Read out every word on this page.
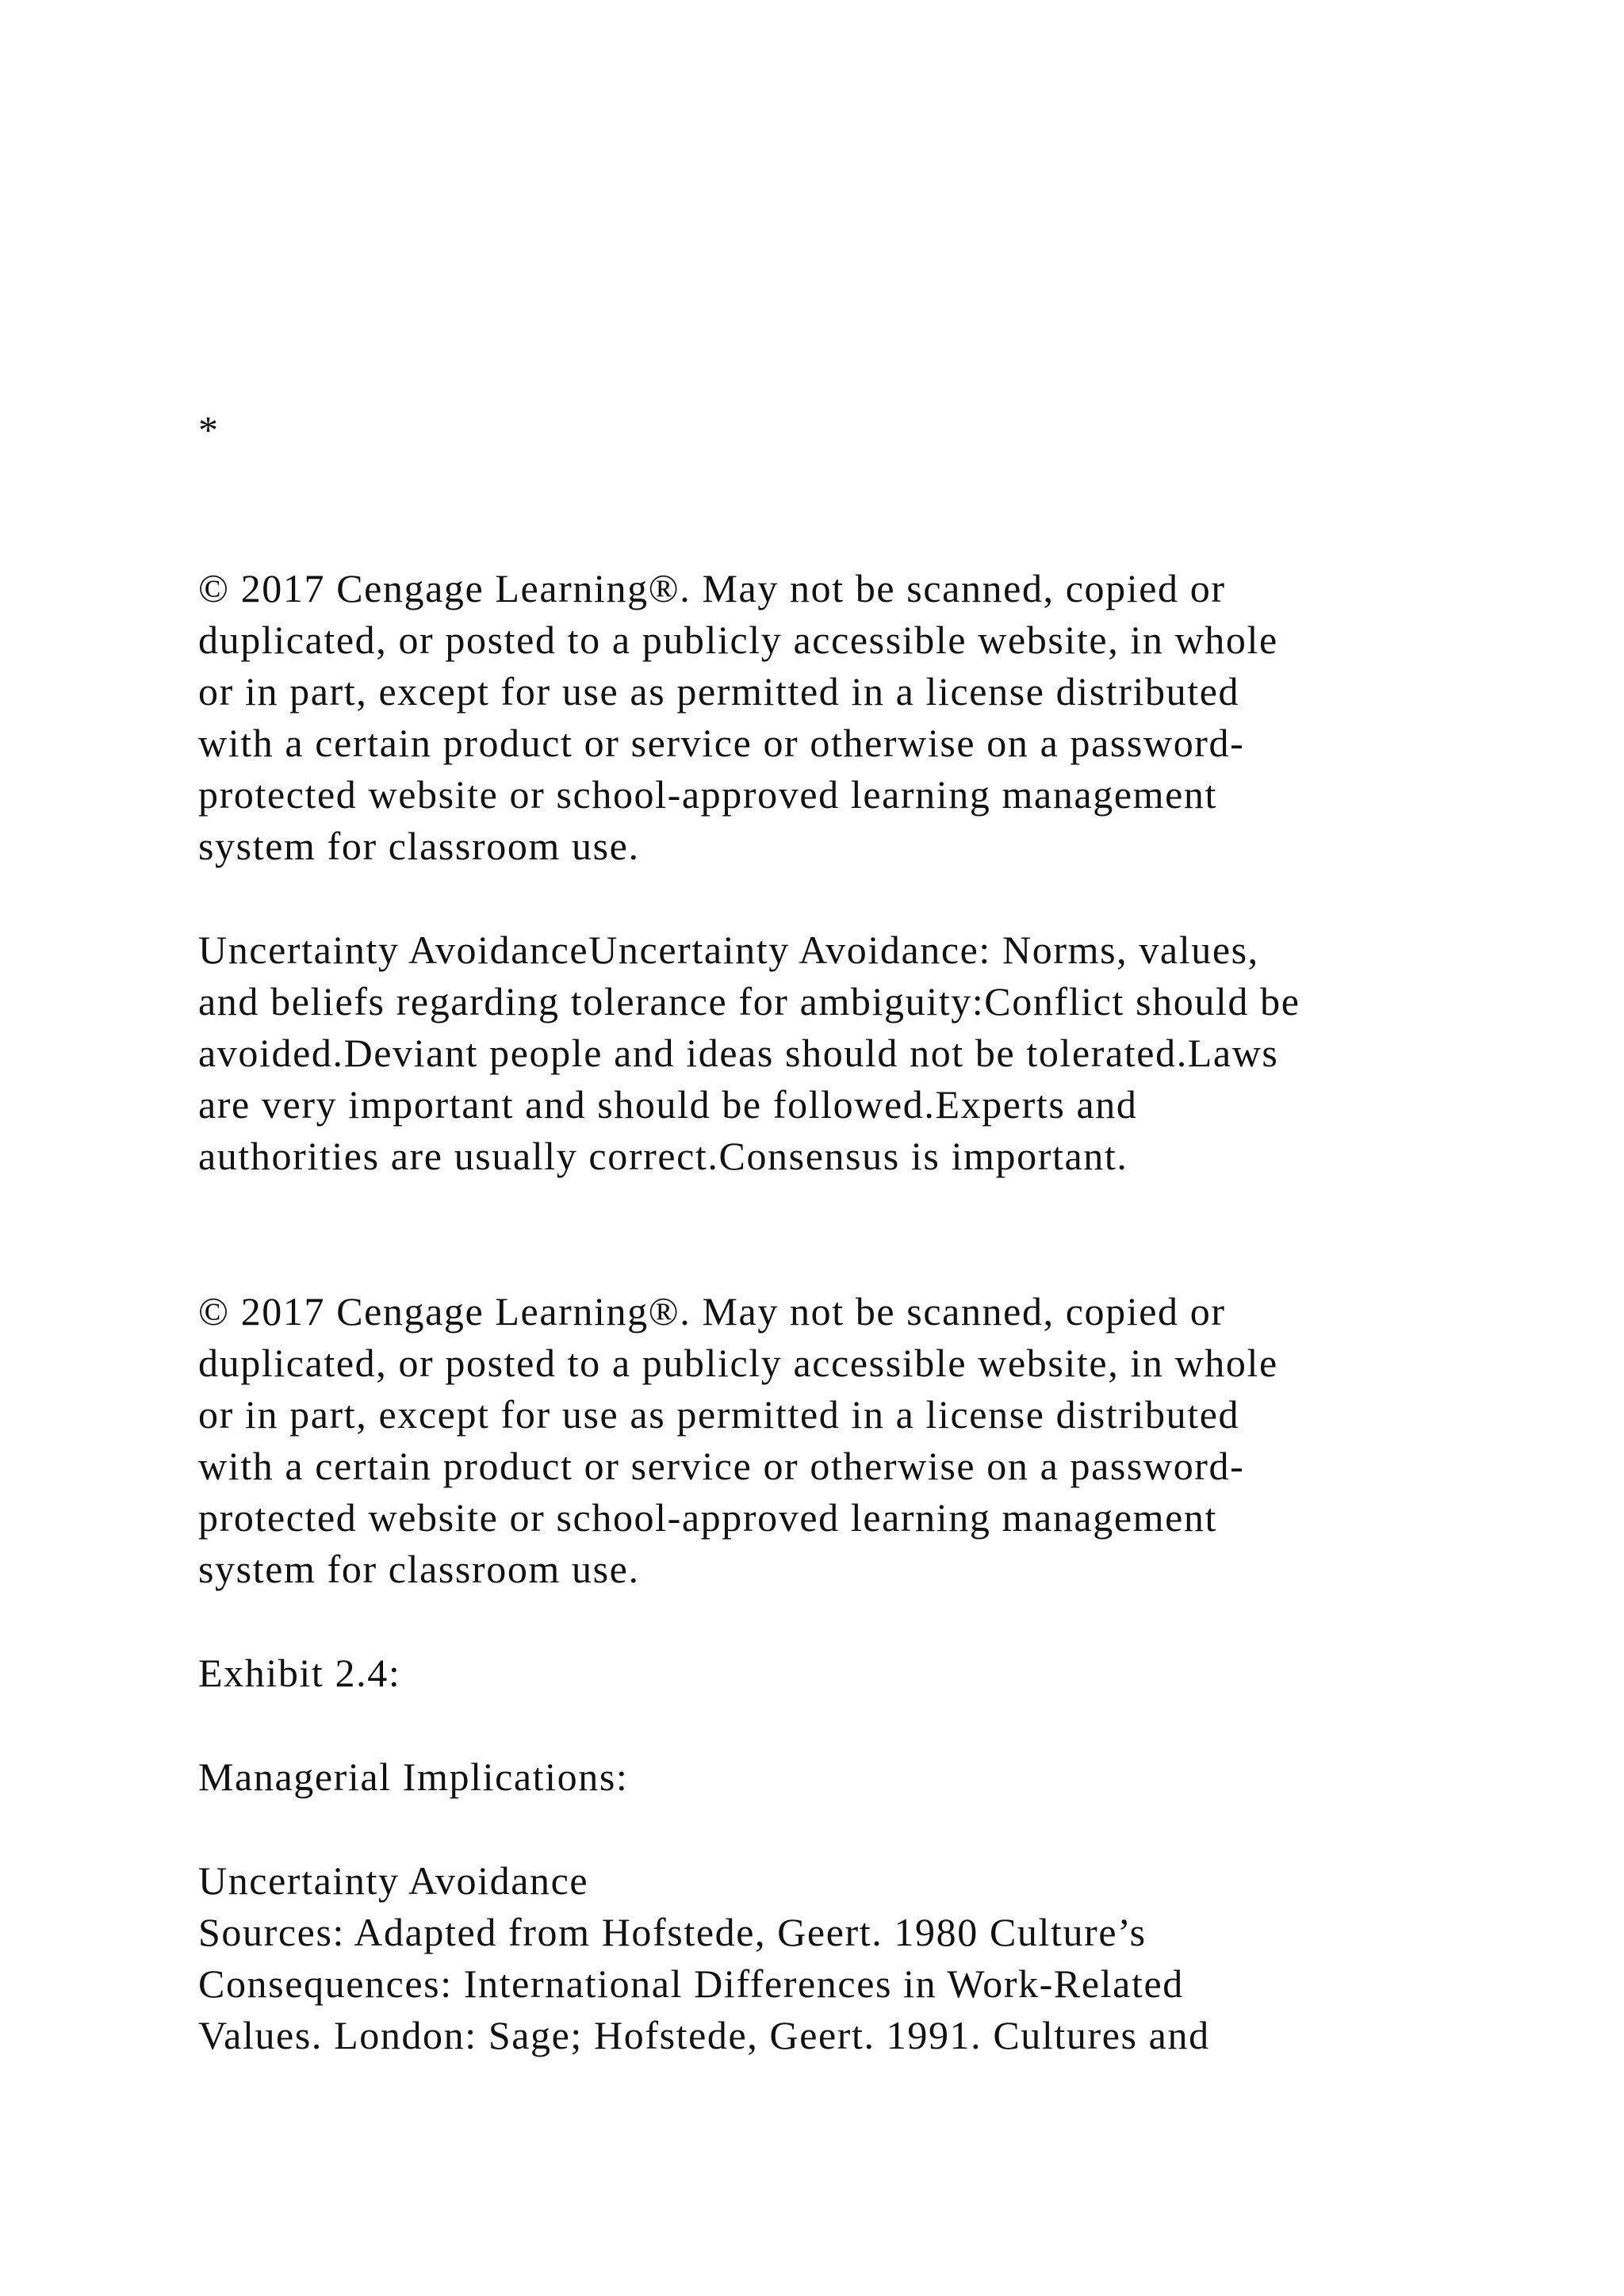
*
© 2017 Cengage Learning®. May not be scanned, copied or
duplicated, or posted to a publicly accessible website, in whole
or in part, except for use as permitted in a license distributed
with a certain product or service or otherwise on a password-
protected website or school-approved learning management
system for classroom use.
Uncertainty AvoidanceUncertainty Avoidance: Norms, values,
and beliefs regarding tolerance for ambiguity:Conflict should be
avoided.Deviant people and ideas should not be tolerated.Laws
are very important and should be followed.Experts and
authorities are usually correct.Consensus is important.
© 2017 Cengage Learning®. May not be scanned, copied or
duplicated, or posted to a publicly accessible website, in whole
or in part, except for use as permitted in a license distributed
with a certain product or service or otherwise on a password-
protected website or school-approved learning management
system for classroom use.
Exhibit 2.4:
Managerial Implications:
Uncertainty Avoidance
Sources: Adapted from Hofstede, Geert. 1980 Culture’s
Consequences: International Differences in Work-Related
Values. London: Sage; Hofstede, Geert. 1991. Cultures and
